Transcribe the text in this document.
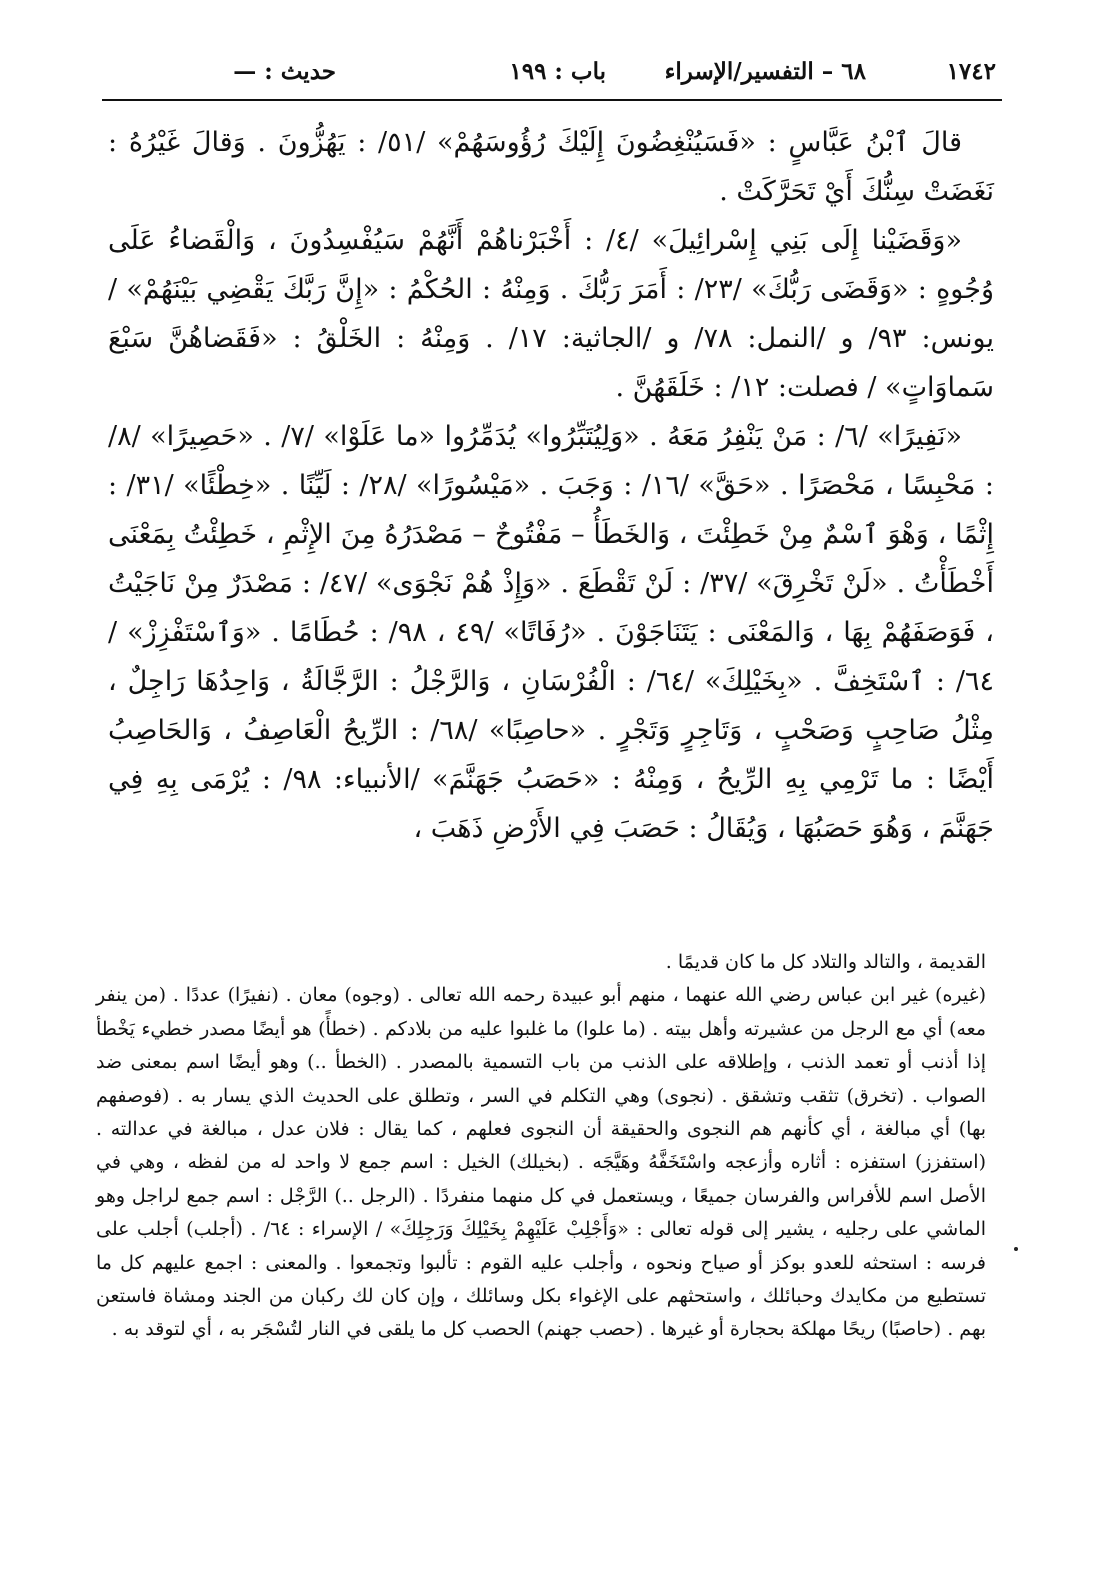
١٧٤٢
٦٨ – التفسير/الإسراء
باب : ١٩٩
حديث : —

قالَ ٱبْنُ عَبَّاسٍ : «فَسَيُنْغِضُونَ إِلَيْكَ رُؤُوسَهُمْ» /٥١/ : يَهُزُّونَ . وَقالَ غَيْرُهُ : نَغَضَتْ سِنُّكَ أَيْ تَحَرَّكَتْ .

«وَقَضَيْنا إِلَى بَنِي إِسْرائِيلَ» /٤/ : أَخْبَرْناهُمْ أَنَّهُمْ سَيُفْسِدُونَ ، وَالْقَضاءُ عَلَى وُجُوهٍ : «وَقَضَى رَبُّكَ» /٢٣/ : أَمَرَ رَبُّكَ . وَمِنْهُ : الحُكْمُ : «إِنَّ رَبَّكَ يَقْضِي بَيْنَهُمْ» /يونس: ٩٣/ و /النمل: ٧٨/ و /الجاثية: ١٧/ . وَمِنْهُ : الخَلْقُ : «فَقَضاهُنَّ سَبْعَ سَماوَاتٍ» / فصلت: ١٢/ : خَلَقَهُنَّ .

«نَفِيرًا» /٦/ : مَنْ يَنْفِرُ مَعَهُ . «وَلِيُتَبِّرُوا» يُدَمِّرُوا «ما عَلَوْا» /٧/ . «حَصِيرًا» /٨/ : مَحْبِسًا ، مَحْصَرًا . «حَقَّ» /١٦/ : وَجَبَ . «مَيْسُورًا» /٢٨/ : لَيِّنًا . «خِطْئًا» /٣١/ : إِثْمًا ، وَهْوَ ٱسْمٌ مِنْ خَطِئْتَ ، وَالخَطَأُ – مَفْتُوحٌ – مَصْدَرُهُ مِنَ الإِثْمِ ، خَطِئْتُ بِمَعْنَى أَخْطَأْتُ . «لَنْ تَخْرِقَ» /٣٧/ : لَنْ تَقْطَعَ . «وَإِذْ هُمْ نَجْوَى» /٤٧/ : مَصْدَرٌ مِنْ نَاجَيْتُ ، فَوَصَفَهُمْ بِهَا ، وَالمَعْنَى : يَتَنَاجَوْنَ . «رُفَاتًا» /٤٩ ، ٩٨/ : حُطَامًا . «وَٱسْتَفْزِزْ» /٦٤/ : ٱسْتَخِفَّ . «بِخَيْلِكَ» /٦٤/ : الْفُرْسَانِ ، وَالرَّجْلُ : الرَّجَّالَةُ ، وَاحِدُهَا رَاجِلٌ ، مِثْلُ صَاحِبٍ وَصَحْبٍ ، وَتَاجِرٍ وَتَجْرٍ . «حاصِبًا» /٦٨/ : الرِّيحُ الْعَاصِفُ ، وَالحَاصِبُ أَيْضًا : ما تَرْمِي بِهِ الرِّيحُ ، وَمِنْهُ : «حَصَبُ جَهَنَّمَ» /الأنبياء: ٩٨/ : يُرْمَى بِهِ فِي جَهَنَّمَ ، وَهُوَ حَصَبُهَا ، وَيُقَالُ : حَصَبَ فِي الأَرْضِ ذَهَبَ ،

القديمة ، والتالد والتلاد كل ما كان قديمًا .

(غيره) غير ابن عباس رضي الله عنهما ، منهم أبو عبيدة رحمه الله تعالى . (وجوه) معان . (نفيرًا) عددًا . (من ينفر معه) أي مع الرجل من عشيرته وأهل بيته . (ما علوا) ما غلبوا عليه من بلادكم . (خطأً) هو أيضًا مصدر خطيء يَخْطأ إذا أذنب أو تعمد الذنب ، وإطلاقه على الذنب من باب التسمية بالمصدر . (الخطأ ..) وهو أيضًا اسم بمعنى ضد الصواب . (تخرق) تثقب وتشقق . (نجوى) وهي التكلم في السر ، وتطلق على الحديث الذي يسار به . (فوصفهم بها) أي مبالغة ، أي كأنهم هم النجوى والحقيقة أن النجوى فعلهم ، كما يقال : فلان عدل ، مبالغة في عدالته . (استفزز) استفزه : أثاره وأزعجه واسْتَخَفَّهُ وهَيَّجَه . (بخيلك) الخيل : اسم جمع لا واحد له من لفظه ، وهي في الأصل اسم للأفراس والفرسان جميعًا ، ويستعمل في كل منهما منفردًا . (الرجل ..) الرَّجْل : اسم جمع لراجل وهو الماشي على رجليه ، يشير إلى قوله تعالى : «وَأَجْلِبْ عَلَيْهِمْ بِخَيْلِكَ وَرَجِلِكَ» / الإسراء : ٦٤/ . (أجلب) أجلب على فرسه : استحثه للعدو بوكز أو صياح ونحوه ، وأجلب عليه القوم : تألبوا وتجمعوا . والمعنى : اجمع عليهم كل ما تستطيع من مكايدك وحبائلك ، واستحثهم على الإغواء بكل وسائلك ، وإن كان لك ركبان من الجند ومشاة فاستعن بهم . (حاصبًا) ريحًا مهلكة بحجارة أو غيرها . (حصب جهنم) الحصب كل ما يلقى في النار لتُسْجَر به ، أي لتوقد به .
